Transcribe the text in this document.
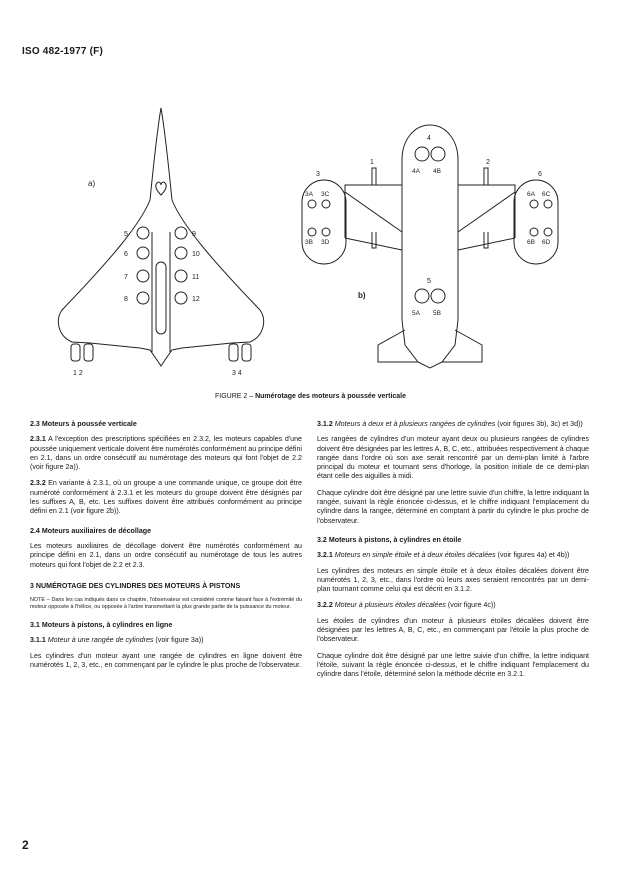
ISO 482-1977 (F)
a)
5
6
7
8
9
10
11
12
1 2	3 4
4
4A 4B
1	2
3	6
3A 3C
3B 3D
6A 6C
6B 6D
5
5A 5B
b)
FIGURE 2 – Numérotage des moteurs à poussée verticale
2.3 Moteurs à poussée verticale

2.3.1 A l'exception des prescriptions spécifiées en 2.3.2, les moteurs capables d'une poussée uniquement verticale doivent être numérotés conformément au principe défini en 2.1, dans un ordre consécutif au numérotage des moteurs qui font l'objet de 2.2 (voir figure 2a)).

2.3.2 En variante à 2.3.1, où un groupe a une commande unique, ce groupe doit être numéroté conformément à 2.3.1 et les moteurs du groupe doivent être désignés par les suffixes A, B, etc. Les suffixes doivent être attribués conformément au principe défini en 2.1 (voir figure 2b)).

2.4 Moteurs auxiliaires de décollage

Les moteurs auxiliaires de décollage doivent être numérotés conformément au principe défini en 2.1, dans un ordre consécutif au numérotage de tous les autres moteurs qui font l'objet de 2.2 et 2.3.

3 NUMÉROTAGE DES CYLINDRES DES MOTEURS À PISTONS

NOTE – Dans les cas indiqués dans ce chapitre, l'observateur est considéré comme faisant face à l'extrémité du moteur opposée à l'hélice, ou opposée à l'arbre transmettant la plus grande partie de la puissance du moteur.

3.1 Moteurs à pistons, à cylindres en ligne
3.1.1 Moteur à une rangée de cylindres (voir figure 3a))

Les cylindres d'un moteur ayant une rangée de cylindres en ligne doivent être numérotés 1, 2, 3, etc., en commençant par le cylindre le plus proche de l'observateur.

3.1.2 Moteurs à deux et à plusieurs rangées de cylindres (voir figures 3b), 3c) et 3d))

Les rangées de cylindres d'un moteur ayant deux ou plusieurs rangées de cylindres doivent être désignées par les lettres A, B, C, etc., attribuées respectivement à chaque rangée dans l'ordre où son axe serait rencontré par un demi-plan limité à l'arbre principal du moteur et tournant sens d'horloge, la position initiale de ce demi-plan étant celle des aiguilles à midi.

Chaque cylindre doit être désigné par une lettre suivie d'un chiffre, la lettre indiquant la rangée, suivant la règle énoncée ci-dessus, et le chiffre indiquant l'emplacement du cylindre dans la rangée, déterminé en comptant à partir du cylindre le plus proche de l'observateur.

3.2 Moteurs à pistons, à cylindres en étoile
3.2.1 Moteurs en simple étoile et à deux étoiles décalées (voir figures 4a) et 4b))

Les cylindres des moteurs en simple étoile et à deux étoiles décalées doivent être numérotés 1, 2, 3, etc., dans l'ordre où leurs axes seraient rencontrés par un demi-plan tournant comme celui qui est décrit en 3.1.2.

3.2.2 Moteur à plusieurs étoiles décalées (voir figure 4c))

Les étoiles de cylindres d'un moteur à plusieurs étoiles décalées doivent être désignées par les lettres A, B, C, etc., en commençant par l'étoile la plus proche de l'observateur.

Chaque cylindre doit être désigné par une lettre suivie d'un chiffre, la lettre indiquant l'étoile, suivant la règle énoncée ci-dessus, et le chiffre indiquant l'emplacement du cylindre dans l'étoile, déterminé selon la méthode décrite en 3.2.1.

2
